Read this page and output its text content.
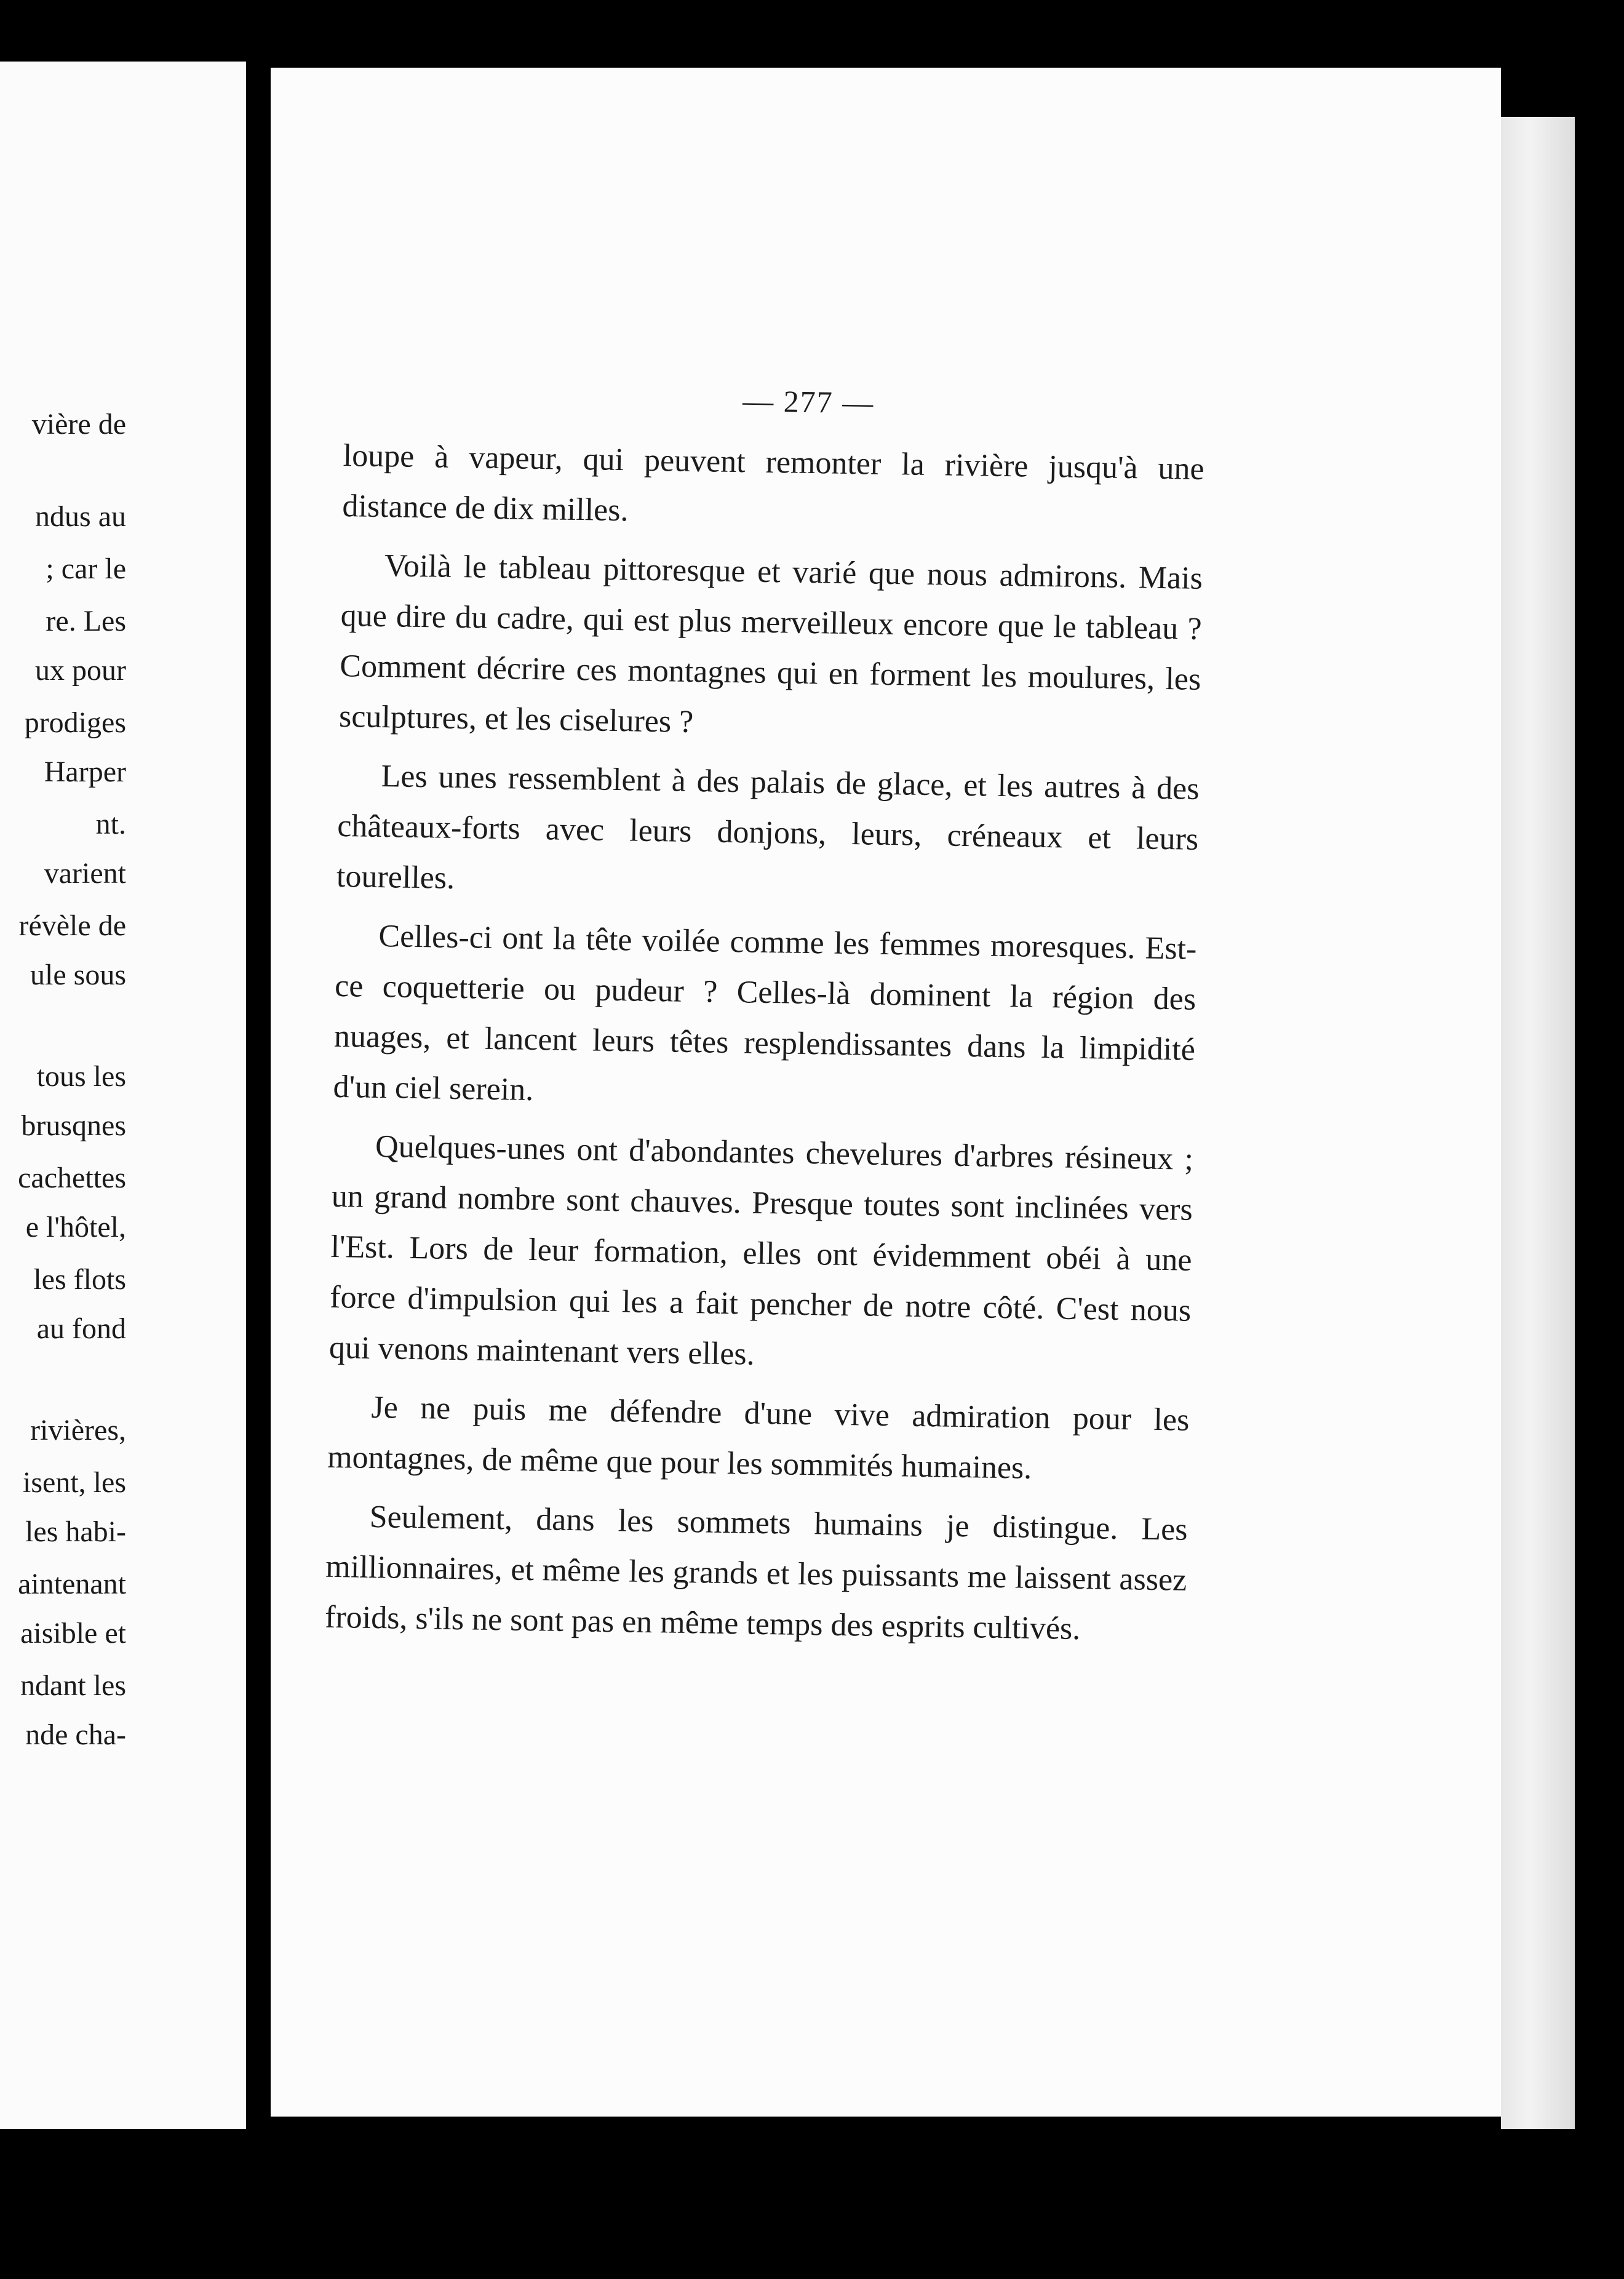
vière de
ndus au
; car le
re. Les
ux pour
prodiges
Harper
nt.
varient
révèle de
ule sous
tous les
brusqnes
cachettes
e l'hôtel,
les flots
au fond
rivières,
isent, les
les habi-
aintenant
aisible et
ndant les
nde cha-
— 277 —

loupe à vapeur, qui peuvent remonter la rivière jusqu'à une distance de dix milles.

Voilà le tableau pittoresque et varié que nous admirons. Mais que dire du cadre, qui est plus merveilleux encore que le tableau ? Comment décrire ces montagnes qui en forment les moulures, les sculptures, et les ciselures ?

Les unes ressemblent à des palais de glace, et les autres à des châteaux-forts avec leurs donjons, leurs, créneaux et leurs tourelles.

Celles-ci ont la tête voilée comme les femmes moresques. Est-ce coquetterie ou pudeur ? Celles-là dominent la région des nuages, et lancent leurs têtes resplendissantes dans la limpidité d'un ciel serein.

Quelques-unes ont d'abondantes chevelures d'arbres résineux ; un grand nombre sont chauves. Presque toutes sont inclinées vers l'Est. Lors de leur formation, elles ont évidemment obéi à une force d'impulsion qui les a fait pencher de notre côté. C'est nous qui venons maintenant vers elles.

Je ne puis me défendre d'une vive admiration pour les montagnes, de même que pour les sommités humaines.

Seulement, dans les sommets humains je distingue. Les millionnaires, et même les grands et les puissants me laissent assez froids, s'ils ne sont pas en même temps des esprits cultivés.
